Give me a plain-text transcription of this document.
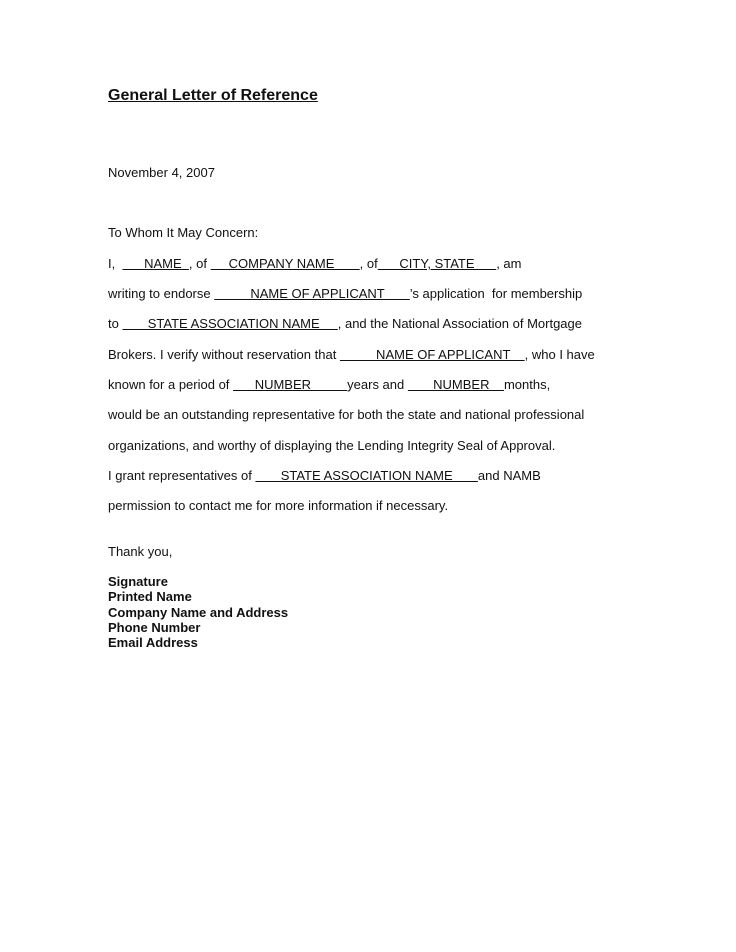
General Letter of Reference
November 4, 2007
To Whom It May Concern:
I,        NAME  , of      COMPANY NAME       , of      CITY, STATE      , am
writing to endorse           NAME OF APPLICANT       ’s application  for membership
to        STATE ASSOCIATION NAME     , and the National Association of Mortgage
Brokers. I verify without reservation that           NAME OF APPLICANT    , who I have
known for a period of       NUMBER          years and        NUMBER    months,
would be an outstanding representative for both the state and national professional
organizations, and worthy of displaying the Lending Integrity Seal of Approval.
I grant representatives of        STATE ASSOCIATION NAME       and NAMB
permission to contact me for more information if necessary.
Thank you,
Signature
Printed Name
Company Name and Address
Phone Number
Email Address
